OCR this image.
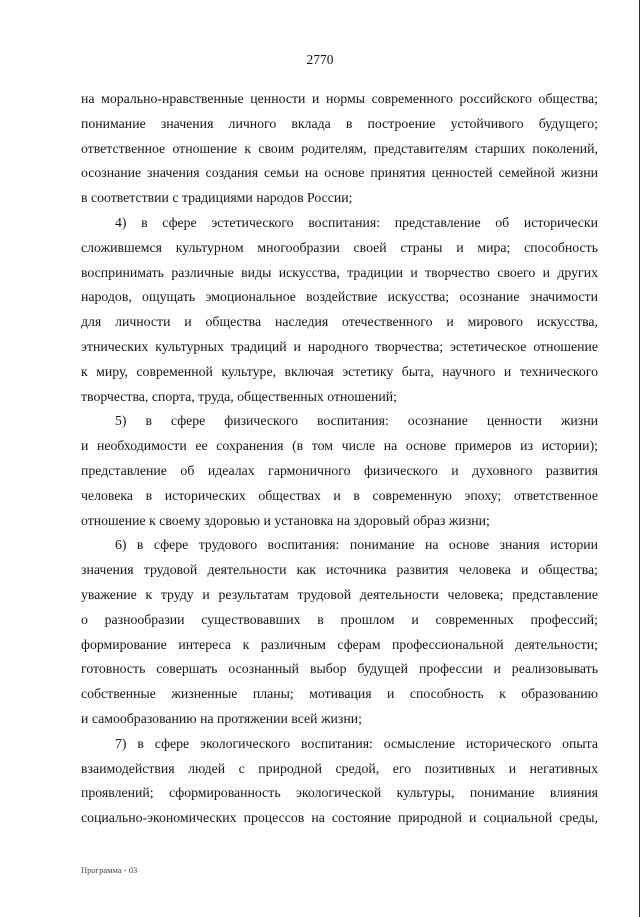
2770
на морально-нравственные ценности и нормы современного российского общества;
понимание значения личного вклада в построение устойчивого будущего;
ответственное отношение к своим родителям, представителям старших поколений,
осознание значения создания семьи на основе принятия ценностей семейной жизни
в соответствии с традициями народов России;
4) в сфере эстетического воспитания: представление об исторически
сложившемся культурном многообразии своей страны и мира; способность
воспринимать различные виды искусства, традиции и творчество своего и других
народов, ощущать эмоциональное воздействие искусства; осознание значимости
для личности и общества наследия отечественного и мирового искусства,
этнических культурных традиций и народного творчества; эстетическое отношение
к миру, современной культуре, включая эстетику быта, научного и технического
творчества, спорта, труда, общественных отношений;
5) в сфере физического воспитания: осознание ценности жизни
и необходимости ее сохранения (в том числе на основе примеров из истории);
представление об идеалах гармоничного физического и духовного развития
человека в исторических обществах и в современную эпоху; ответственное
отношение к своему здоровью и установка на здоровый образ жизни;
6) в сфере трудового воспитания: понимание на основе знания истории
значения трудовой деятельности как источника развития человека и общества;
уважение к труду и результатам трудовой деятельности человека; представление
о разнообразии существовавших в прошлом и современных профессий;
формирование интереса к различным сферам профессиональной деятельности;
готовность совершать осознанный выбор будущей профессии и реализовывать
собственные жизненные планы; мотивация и способность к образованию
и самообразованию на протяжении всей жизни;
7) в сфере экологического воспитания: осмысление исторического опыта
взаимодействия людей с природной средой, его позитивных и негативных
проявлений; сформированность экологической культуры, понимание влияния
социально-экономических процессов на состояние природной и социальной среды,
Программа - 03
